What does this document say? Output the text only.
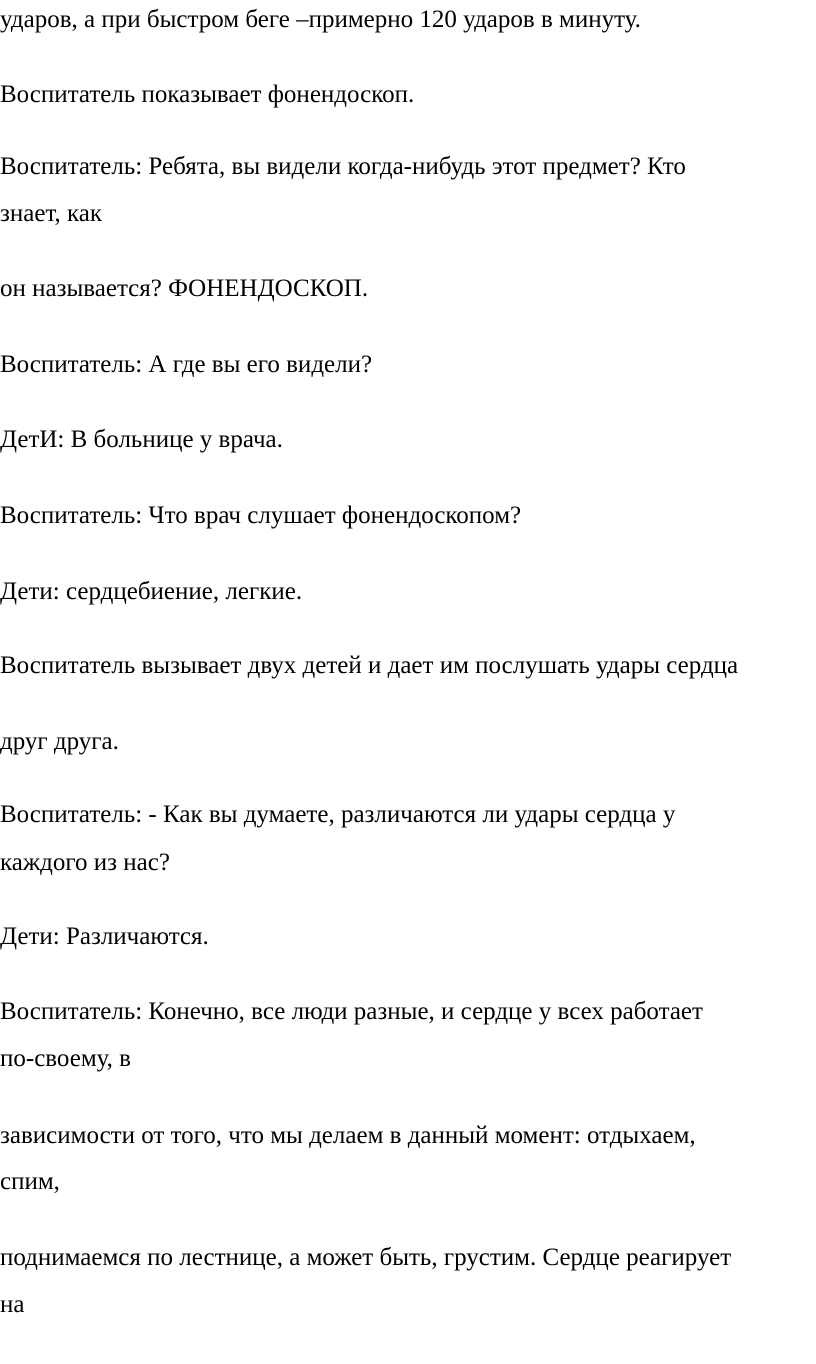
ударов, а при быстром беге –примерно 120 ударов в минуту.

Воспитатель показывает фонендоскоп.

Воспитатель: Ребята, вы видели когда-нибудь этот предмет? Кто

знает, как

он называется? ФОНЕНДОСКОП.

Воспитатель: А где вы его видели?

ДетИ: В больнице у врача.

Воспитатель: Что врач слушает фонендоскопом?

Дети: сердцебиение, легкие.

Воспитатель вызывает двух детей и дает им послушать удары сердца

друг друга.

Воспитатель: - Как вы думаете, различаются ли удары сердца у

каждого из нас?

Дети: Различаются.

Воспитатель: Конечно, все люди разные, и сердце у всех работает

по-своему, в

зависимости от того, что мы делаем в данный момент: отдыхаем,

спим,

поднимаемся по лестнице, а может быть, грустим. Сердце реагирует

на
